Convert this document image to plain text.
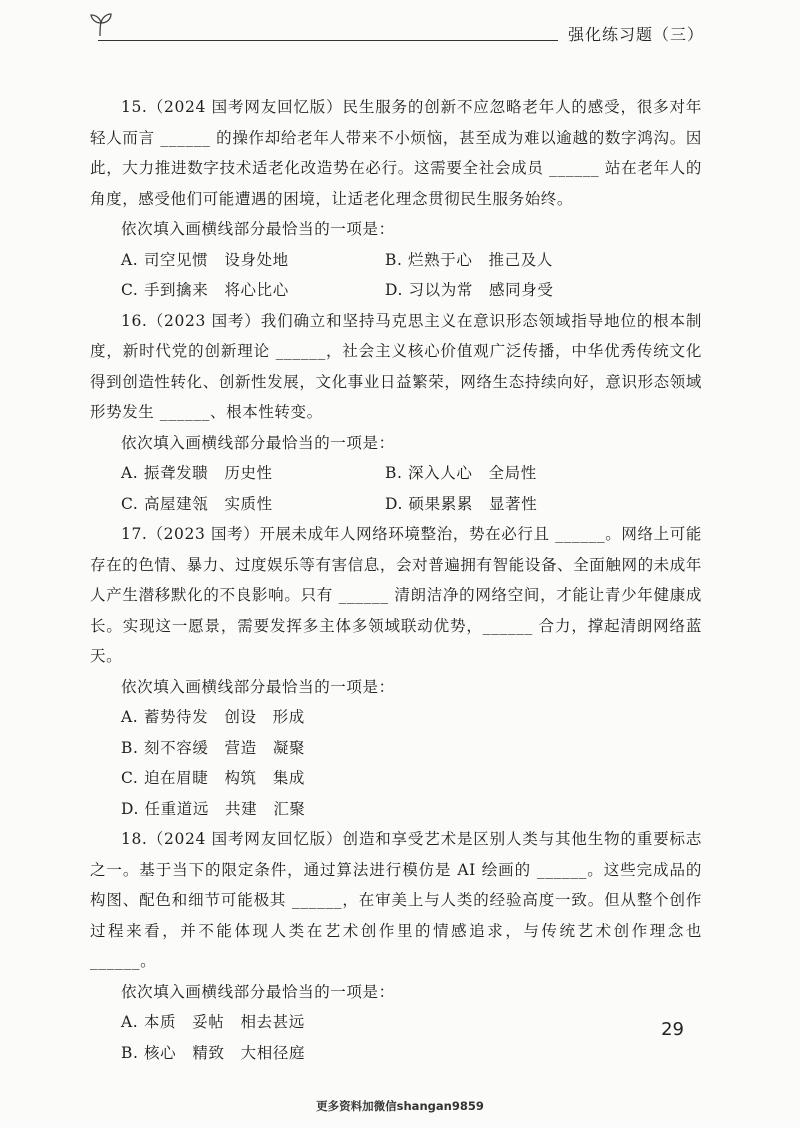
强化练习题（三）

15.（2024 国考网友回忆版）民生服务的创新不应忽略老年人的感受，很多对年轻人而言 ______ 的操作却给老年人带来不小烦恼，甚至成为难以逾越的数字鸿沟。因此，大力推进数字技术适老化改造势在必行。这需要全社会成员 ______ 站在老年人的角度，感受他们可能遭遇的困境，让适老化理念贯彻民生服务始终。

依次填入画横线部分最恰当的一项是：

A. 司空见惯　设身处地	B. 烂熟于心　推己及人
C. 手到擒来　将心比心	D. 习以为常　感同身受

16.（2023 国考）我们确立和坚持马克思主义在意识形态领域指导地位的根本制度，新时代党的创新理论 ______，社会主义核心价值观广泛传播，中华优秀传统文化得到创造性转化、创新性发展，文化事业日益繁荣，网络生态持续向好，意识形态领域形势发生 ______、根本性转变。

依次填入画横线部分最恰当的一项是：

A. 振聋发聩　历史性	B. 深入人心　全局性
C. 高屋建瓴　实质性	D. 硕果累累　显著性

17.（2023 国考）开展未成年人网络环境整治，势在必行且 ______。网络上可能存在的色情、暴力、过度娱乐等有害信息，会对普遍拥有智能设备、全面触网的未成年人产生潜移默化的不良影响。只有 ______ 清朗洁净的网络空间，才能让青少年健康成长。实现这一愿景，需要发挥多主体多领域联动优势，______ 合力，撑起清朗网络蓝天。

依次填入画横线部分最恰当的一项是：

A. 蓄势待发　创设　形成
B. 刻不容缓　营造　凝聚
C. 迫在眉睫　构筑　集成
D. 任重道远　共建　汇聚

18.（2024 国考网友回忆版）创造和享受艺术是区别人类与其他生物的重要标志之一。基于当下的限定条件，通过算法进行模仿是 AI 绘画的 ______。这些完成品的构图、配色和细节可能极其 ______，在审美上与人类的经验高度一致。但从整个创作过程来看，并不能体现人类在艺术创作里的情感追求，与传统艺术创作理念也 ______。

依次填入画横线部分最恰当的一项是：

A. 本质　妥帖　相去甚远
B. 核心　精致　大相径庭
29
更多资料加微信shangan9859
